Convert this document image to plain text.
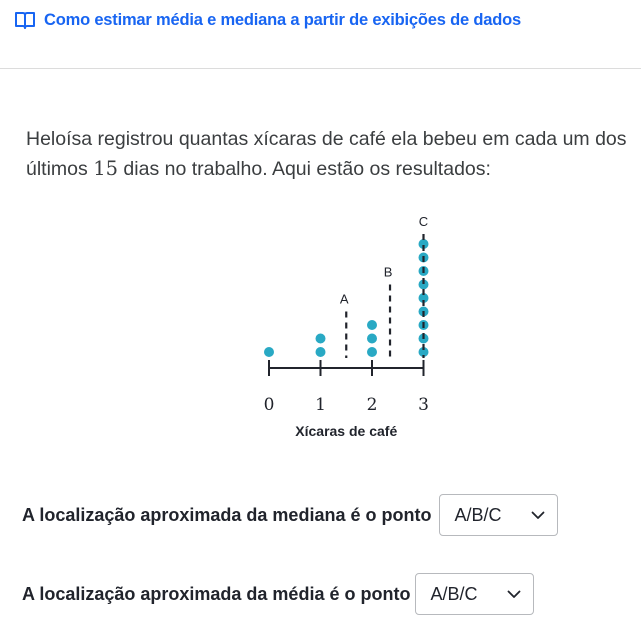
Como estimar média e mediana a partir de exibições de dados
Heloísa registrou quantas xícaras de café ela bebeu em cada um dos últimos 15 dias no trabalho. Aqui estão os resultados:
0 1 2 3
A
B
C
Xícaras de café
A localização aproximada da mediana é o ponto A/B/C
A localização aproximada da média é o ponto A/B/C
